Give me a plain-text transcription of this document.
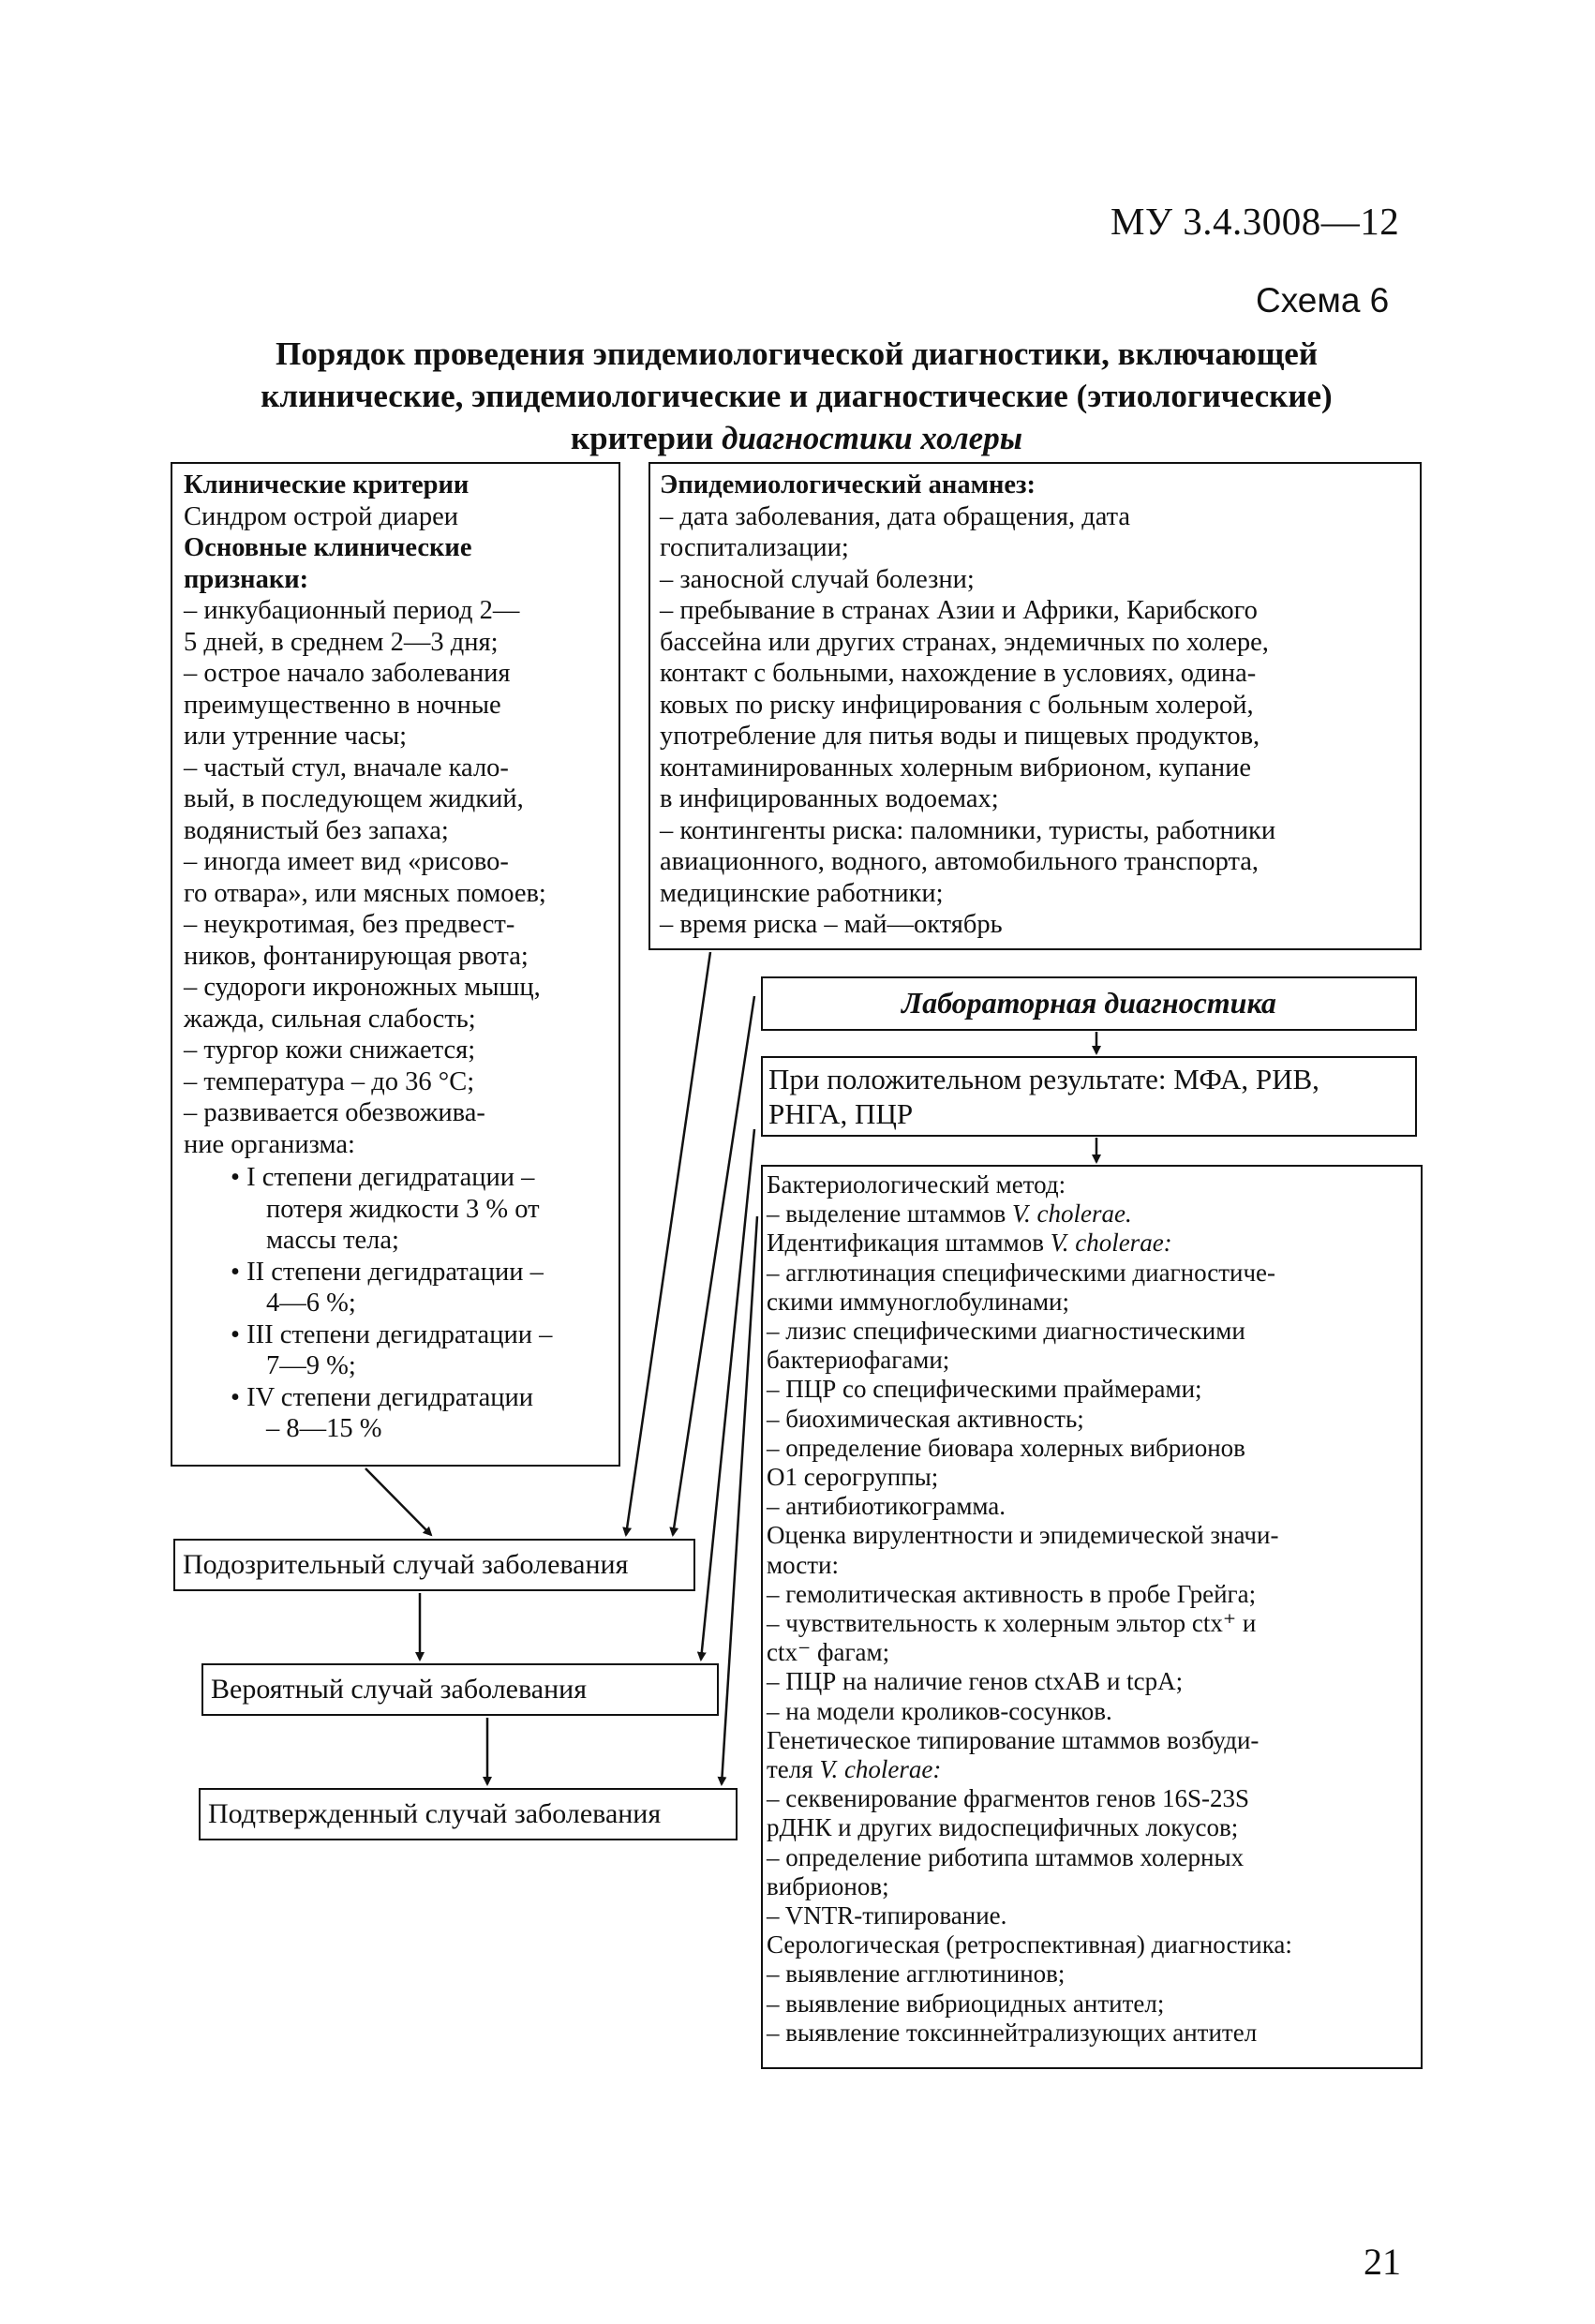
МУ 3.4.3008—12
Схема 6
Порядок проведения эпидемиологической диагностики, включающей
клинические, эпидемиологические и диагностические (этиологические)
критерии диагностики холеры
Клинические критерии
Синдром острой диареи
Основные клинические
признаки:
– инкубационный период 2—
5 дней, в среднем 2—3 дня;
– острое начало заболевания
преимущественно в ночные
или утренние часы;
– частый стул, вначале кало-
вый, в последующем жидкий,
водянистый без запаха;
– иногда имеет вид «рисово-
го отвара», или мясных помоев;
– неукротимая, без предвест-
ников, фонтанирующая рвота;
– судороги икроножных мышц,
жажда, сильная слабость;
– тургор кожи снижается;
– температура – до 36 °С;
– развивается обезвожива-
ние организма:
• I степени дегидратации –
потеря жидкости 3 % от
массы тела;
• II степени дегидратации –
4—6 %;
• III степени дегидратации –
7—9 %;
• IV степени дегидратации
– 8—15 %
Эпидемиологический анамнез:
– дата заболевания, дата обращения, дата
госпитализации;
– заносной случай болезни;
– пребывание в странах Азии и Африки, Карибского
бассейна или других странах, эндемичных по холере,
контакт с больными, нахождение в условиях, одина-
ковых по риску инфицирования с больным холерой,
употребление для питья воды и пищевых продуктов,
контаминированных холерным вибрионом, купание
в инфицированных водоемах;
– контингенты риска: паломники, туристы, работники
авиационного, водного, автомобильного транспорта,
медицинские работники;
– время риска – май—октябрь
Лабораторная диагностика
При положительном результате: МФА, РИВ,
РНГА, ПЦР
Бактериологический метод:
– выделение штаммов V. cholerae.
Идентификация штаммов V. cholerae:
– агглютинация специфическими диагностиче-
скими иммуноглобулинами;
– лизис специфическими диагностическими
бактериофагами;
– ПЦР со специфическими праймерами;
– биохимическая активность;
– определение биовара холерных вибрионов
O1 серогруппы;
– антибиотикограмма.
Оценка вирулентности и эпидемической значи-
мости:
– гемолитическая активность в пробе Грейга;
– чувствительность к холерным эльтор ctx⁺ и
ctx⁻ фагам;
– ПЦР на наличие генов ctxAB и tcpA;
– на модели кроликов-сосунков.
Генетическое типирование штаммов возбуди-
теля V. cholerae:
– секвенирование фрагментов генов 16S-23S
рДНК и других видоспецифичных локусов;
– определение риботипа штаммов холерных
вибрионов;
– VNTR-типирование.
Серологическая (ретроспективная) диагностика:
– выявление агглютининов;
– выявление вибриоцидных антител;
– выявление токсиннейтрализующих антител
Подозрительный случай заболевания
Вероятный случай заболевания
Подтвержденный случай заболевания
21
